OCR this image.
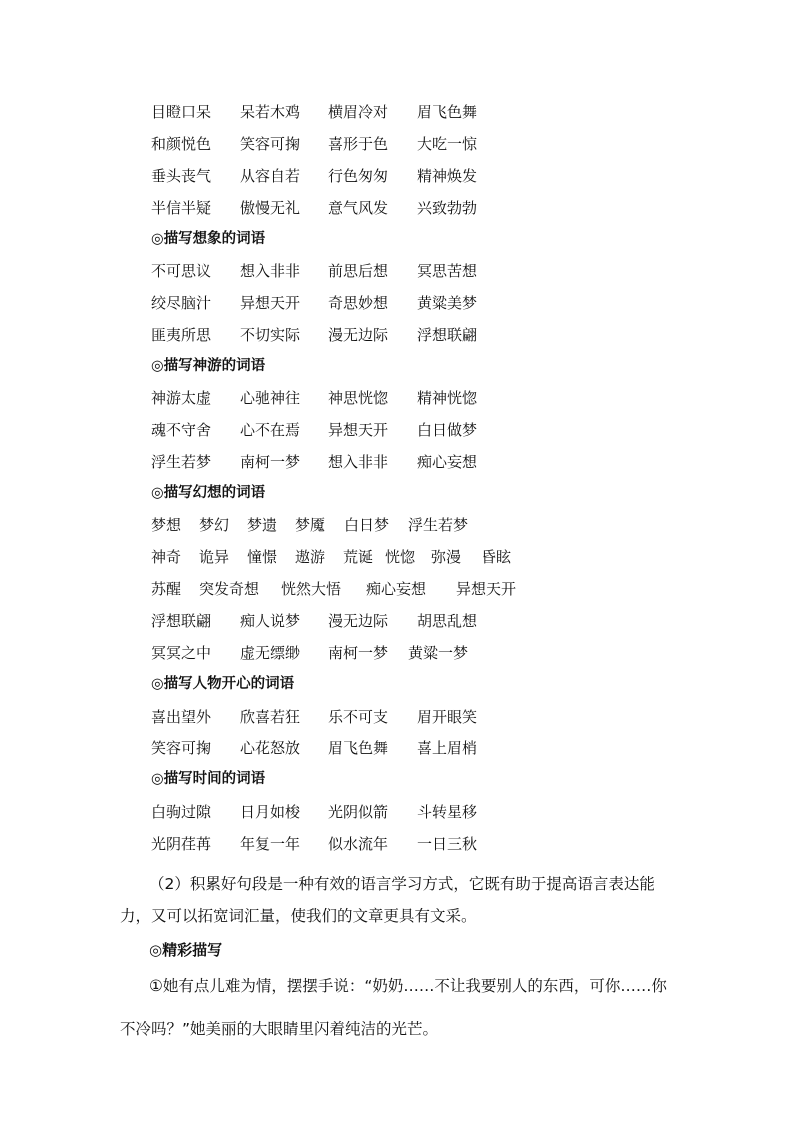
目瞪口呆 呆若木鸡 横眉冷对 眉飞色舞
和颜悦色 笑容可掬 喜形于色 大吃一惊
垂头丧气 从容自若 行色匆匆 精神焕发
半信半疑 傲慢无礼 意气风发 兴致勃勃
◎描写想象的词语
不可思议 想入非非 前思后想 冥思苦想
绞尽脑汁 异想天开 奇思妙想 黄粱美梦
匪夷所思 不切实际 漫无边际 浮想联翩
◎描写神游的词语
神游太虚 心驰神往 神思恍惚 精神恍惚
魂不守舍 心不在焉 异想天开 白日做梦
浮生若梦 南柯一梦 想入非非 痴心妄想
◎描写幻想的词语
梦想 梦幻 梦遗 梦魇 白日梦 浮生若梦
神奇 诡异 憧憬 遨游 荒诞 恍惚 弥漫 昏眩
苏醒 突发奇想 恍然大悟 痴心妄想 异想天开
浮想联翩 痴人说梦 漫无边际 胡思乱想
冥冥之中 虚无缥缈 南柯一梦 黄粱一梦
◎描写人物开心的词语
喜出望外 欣喜若狂 乐不可支 眉开眼笑
笑容可掬 心花怒放 眉飞色舞 喜上眉梢
◎描写时间的词语
白驹过隙 日月如梭 光阴似箭 斗转星移
光阴荏苒 年复一年 似水流年 一日三秋
（2）积累好句段是一种有效的语言学习方式，它既有助于提高语言表达能
力，又可以拓宽词汇量，使我们的文章更具有文采。
◎精彩描写
①她有点儿难为情，摆摆手说：“奶奶……不让我要别人的东西，可你……你
不冷吗？”她美丽的大眼睛里闪着纯洁的光芒。
